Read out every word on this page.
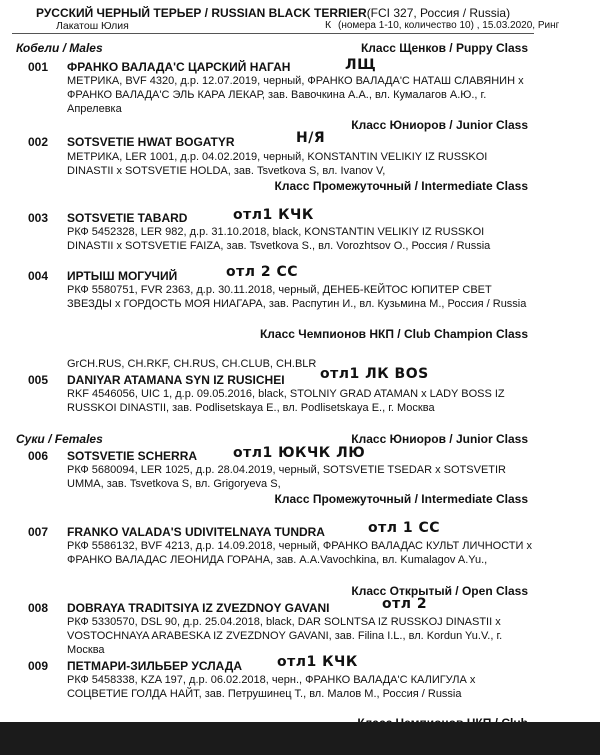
РУССКИЙ ЧЕРНЫЙ ТЕРЬЕР / RUSSIAN BLACK TERRIER(FCI 327, Россия / Russia)
Лакатош Юлия	К (номера 1-10, количество 10) , 15.03.2020, Ринг
Кобели / Males	Класс Щенков / Puppy Class
001 ФРАНКО ВАЛАДА'С ЦАРСКИЙ НАГАН	ЛЩ
МЕТРИКА, BVF 4320, д.р. 12.07.2019, черный, ФРАНКО ВАЛАДА'С НАТАШ СЛАВЯНИН х ФРАНКО ВАЛАДА'С ЭЛЬ КАРА ЛЕКАР, зав. Вавочкина А.А., вл. Кумалагов А.Ю., г. Апрелевка
Класс Юниоров / Junior Class
002 SOTSVETIE HWAT BOGATYR	Н/Я
МЕТРИКА, LER 1001, д.р. 04.02.2019, черный, KONSTANTIN VELIKIY IZ RUSSKOI DINASTII х SOTSVETIE HOLDA, зав. Tsvetkova S, вл. Ivanov V,
Класс Промежуточный / Intermediate Class
003 SOTSVETIE TABARD	отл1 КЧК
РКФ 5452328, LER 982, д.р. 31.10.2018, black, KONSTANTIN VELIKIY IZ RUSSKOI DINASTII х SOTSVETIE FAIZA, зав. Tsvetkova S., вл. Vorozhtsov O., Россия / Russia
004 ИРТЫШ МОГУЧИЙ	отл 2 СС
РКФ 5580751, FVR 2363, д.р. 30.11.2018, черный, ДЕНЕБ-КЕЙТОС ЮПИТЕР СВЕТ ЗВЕЗДЫ х ГОРДОСТЬ МОЯ НИАГАРА, зав. Распутин И., вл. Кузьмина М., Россия / Russia
Класс Чемпионов НКП / Club Champion Class
GrCH.RUS, CH.RKF, CH.RUS, CH.CLUB, CH.BLR
005 DANIYAR ATAMANA SYN IZ RUSICHEI	отл1 ЛК BOS
RKF 4546056, UIC 1, д.р. 09.05.2016, black, STOLNIY GRAD ATAMAN х LADY BOSS IZ RUSSKOI DINASTII, зав. Podlisetskaya E., вл. Podlisetskaya E., г. Москва
Суки / Females	Класс Юниоров / Junior Class
006 SOTSVETIE SCHERRA	отл1 ЮКЧК ЛЮ
РКФ 5680094, LER 1025, д.р. 28.04.2019, черный, SOTSVETIE TSEDAR х SOTSVETIR UMMA, зав. Tsvetkova S, вл. Grigoryeva S,
Класс Промежуточный / Intermediate Class
007 FRANKO VALADA'S UDIVITELNAYA TUNDRA	отл 1 СС
РКФ 5586132, BVF 4213, д.р. 14.09.2018, черный, ФРАНКО ВАЛАДАС КУЛЬТ ЛИЧНОСТИ х ФРАНКО ВАЛАДАС ЛЕОНИДА ГОРАНА, зав. А.А.Vavochkina, вл. Kumalagov A.Yu.,
Класс Открытый / Open Class
008 DOBRAYA TRADITSIYA IZ ZVEZDNOY GAVANI	отл 2
РКФ 5330570, DSL 90, д.р. 25.04.2018, black, DAR SOLNTSA IZ RUSSKOJ DINASTII х VOSTOCHNAYA ARABESKA IZ ZVEZDNOY GAVANI, зав. Filina I.L., вл. Kordun Yu.V., г. Москва
009 ПЕТМАРИ-ЗИЛЬБЕР УСЛАДА	отл1 КЧК
РКФ 5458338, KZA 197, д.р. 06.02.2018, черн., ФРАНКО ВАЛАДА'С КАЛИГУЛА х СОЦВЕТИЕ ГОЛДА НАЙТ, зав. Петрушинец Т., вл. Малов М., Россия / Russia
